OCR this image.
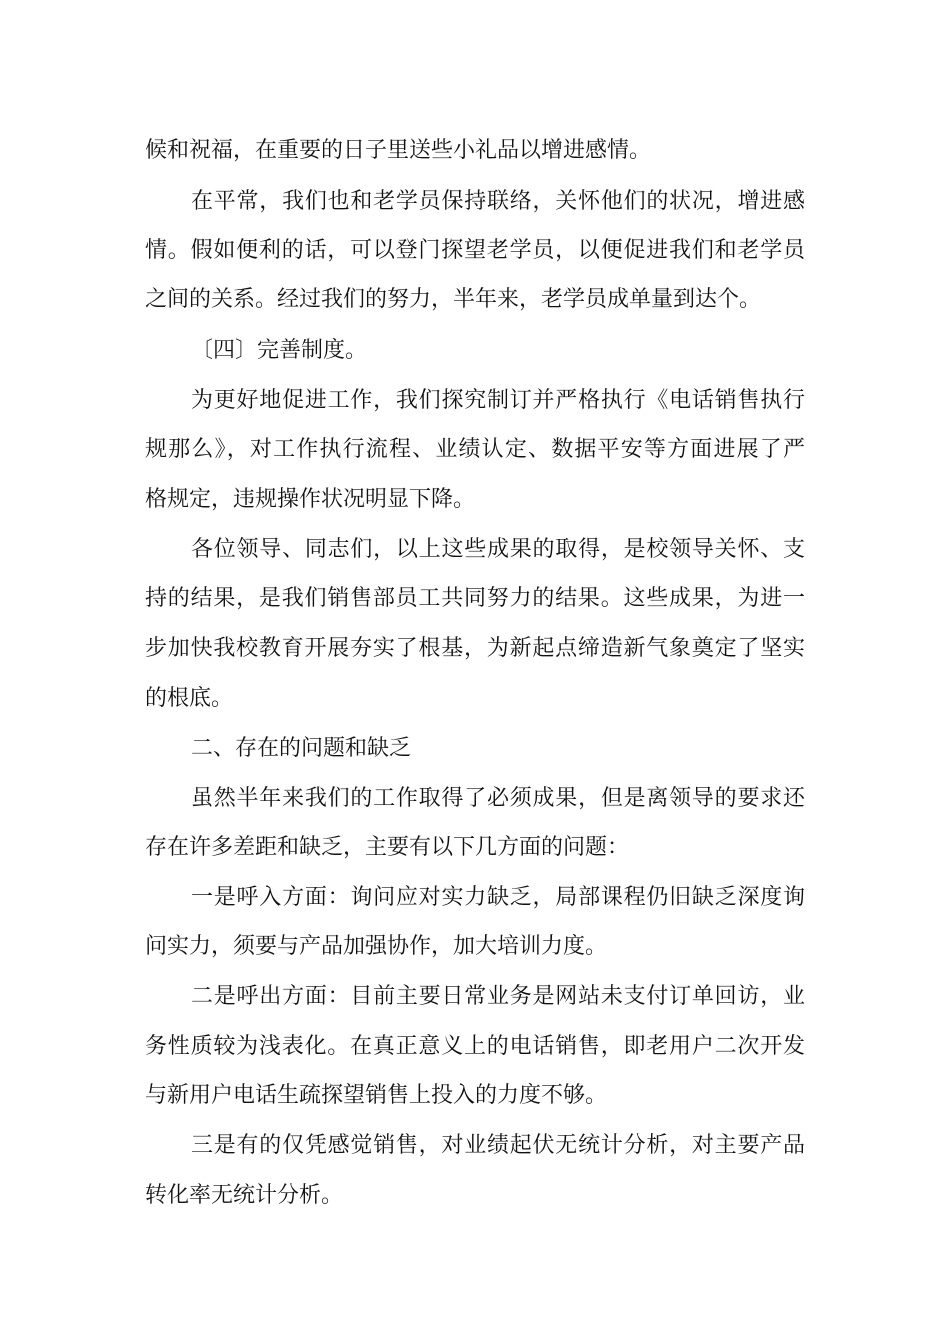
候和祝福，在重要的日子里送些小礼品以增进感情。
在平常，我们也和老学员保持联络，关怀他们的状况，增进感
情。假如便利的话，可以登门探望老学员，以便促进我们和老学员
之间的关系。经过我们的努力，半年来，老学员成单量到达个。
〔四〕完善制度。
为更好地促进工作，我们探究制订并严格执行《电话销售执行
规那么》，对工作执行流程、业绩认定、数据平安等方面进展了严
格规定，违规操作状况明显下降。
各位领导、同志们，以上这些成果的取得，是校领导关怀、支
持的结果，是我们销售部员工共同努力的结果。这些成果，为进一
步加快我校教育开展夯实了根基，为新起点缔造新气象奠定了坚实
的根底。
二、存在的问题和缺乏
虽然半年来我们的工作取得了必须成果，但是离领导的要求还
存在许多差距和缺乏，主要有以下几方面的问题：
一是呼入方面：询问应对实力缺乏，局部课程仍旧缺乏深度询
问实力，须要与产品加强协作，加大培训力度。
二是呼出方面：目前主要日常业务是网站未支付订单回访，业
务性质较为浅表化。在真正意义上的电话销售，即老用户二次开发
与新用户电话生疏探望销售上投入的力度不够。
三是有的仅凭感觉销售，对业绩起伏无统计分析，对主要产品
转化率无统计分析。
